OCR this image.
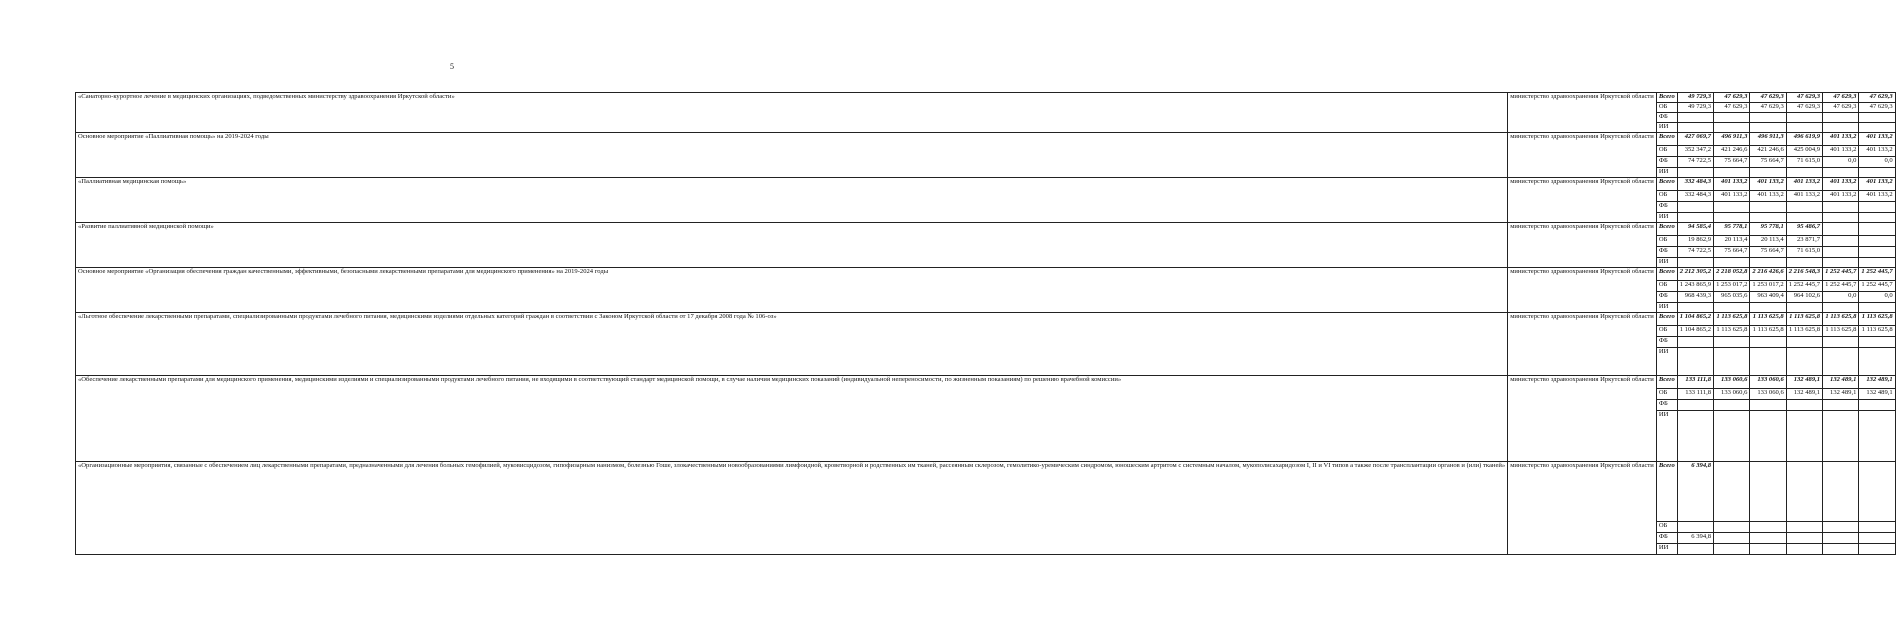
5
«Санаторно-курортное лечение в медицинских организациях, подведомственных министерству здравоохранения Иркутской области»	министерство здравоохранения Иркутской области	Всего	49 729,3	47 629,3	47 629,3	47 629,3	47 629,3	47 629,3
		ОБ	49 729,3	47 629,3	47 629,3	47 629,3	47 629,3	47 629,3
		ФБ						
		ИИ						
Основное мероприятие «Паллиативная помощь» на 2019-2024 годы	министерство здравоохранения Иркутской области	Всего	427 069,7	496 911,3	496 911,3	496 619,9	401 133,2	401 133,2
		ОБ	352 347,2	421 246,6	421 246,6	425 004,9	401 133,2	401 133,2
		ФБ	74 722,5	75 664,7	75 664,7	71 615,0	0,0	0,0
		ИИ						
«Паллиативная медицинская помощь»	министерство здравоохранения Иркутской области	Всего	332 484,3	401 133,2	401 133,2	401 133,2	401 133,2	401 133,2
		ОБ	332 484,3	401 133,2	401 133,2	401 133,2	401 133,2	401 133,2
		ФБ						
		ИИ						
«Развитие паллиативной медицинской помощи»	министерство здравоохранения Иркутской области	Всего	94 585,4	95 778,1	95 778,1	95 486,7		
		ОБ	19 862,9	20 113,4	20 113,4	23 871,7		
		ФБ	74 722,5	75 664,7	75 664,7	71 615,0		
		ИИ						
Основное мероприятие «Организация обеспечения граждан качественными, эффективными, безопасными лекарственными препаратами для медицинского применения» на 2019-2024 годы	министерство здравоохранения Иркутской области	Всего	2 212 305,2	2 218 052,8	2 216 426,6	2 216 548,3	1 252 445,7	1 252 445,7
		ОБ	1 243 865,9	1 253 017,2	1 253 017,2	1 252 445,7	1 252 445,7	1 252 445,7
		ФБ	968 439,3	965 035,6	963 409,4	964 102,6	0,0	0,0
		ИИ						
«Льготное обеспечение лекарственными препаратами, специализированными продуктами лечебного питания, медицинскими изделиями отдельных категорий граждан в соответствии с Законом Иркутской области от 17 декабря 2008 года № 106-оз»	министерство здравоохранения Иркутской области	Всего	1 104 865,2	1 113 625,8	1 113 625,8	1 113 625,8	1 113 625,8	1 113 625,8
		ОБ	1 104 865,2	1 113 625,8	1 113 625,8	1 113 625,8	1 113 625,8	1 113 625,8
		ФБ						
		ИИ						
«Обеспечение лекарственными препаратами для медицинского применения, медицинскими изделиями и специализированными продуктами лечебного питания, не входящими в соответствующий стандарт медицинской помощи, в случае наличия медицинских показаний (индивидуальной непереносимости, по жизненным показаниям) по решению врачебной комиссии»	министерство здравоохранения Иркутской области	Всего	133 111,8	133 060,6	133 060,6	132 489,1	132 489,1	132 489,1
		ОБ	133 111,8	133 060,6	133 060,6	132 489,1	132 489,1	132 489,1
		ФБ						
		ИИ						
«Организационные мероприятия, связанные с обеспечением лиц лекарственными препаратами, предназначенными для лечения больных гемофилией, муковисцидозом, гипофизарным нанизмом, болезнью Гоше, злокачественными новообразованиями лимфоидной, кроветворной и родственных им тканей, рассеянным склерозом, гемолитико-уремическим синдромом, юношеским артритом с системным началом, мукополисахаридозом I, II и VI типов а также после трансплантации органов и (или) тканей»	министерство здравоохранения Иркутской области	Всего	6 394,8					
		ОБ						
		ФБ	6 394,8					
		ИИ						
